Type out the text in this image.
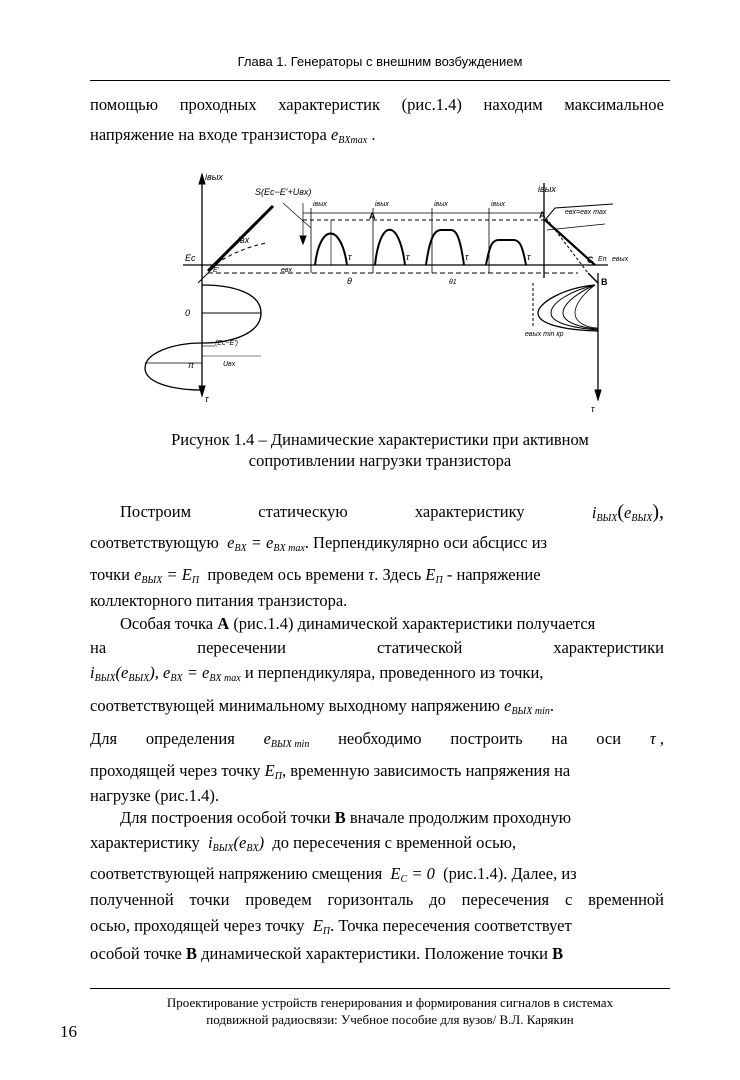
Глава 1. Генераторы с внешним возбуждением
помощью проходных характеристик (рис.1.4) находим максимальное
напряжение на входе транзистора $e_{BXmax}$ .
iвых
iвх
S(Ec−E′+Uвх)
Ec
E′	eвх
0
π
−(Ec−E′)
Uвх
τ
iвых	iвых	iвых	iвых
A
τ	τ	τ	τ
θ	θ1
iвых
A	eвх=eвх max
C Eп eвых
B
eвых min кр
τ
Рисунок 1.4 – Динамические характеристики при активном
сопротивлении нагрузки транзистора
Построим	статическую	характеристику	$i_{ВЫХ}(e_{ВЫХ})$,
соответствующую $e_{BX} = e_{BX max}$. Перпендикулярно оси абсцисс из
точки $e_{ВЫХ} = E_П$ проведем ось времени τ. Здесь $E_П$ - напряжение
коллекторного питания транзистора.
Особая точка A (рис.1.4) динамической характеристики получается
на	пересечении	статической	характеристики
$i_{ВЫХ}(e_{ВЫХ})$, $e_{BX} = e_{BX max}$ и перпендикуляра, проведенного из точки,
соответствующей минимальному выходному напряжению $e_{ВЫХ min}$.
Для определения $e_{ВЫХ min}$ необходимо построить на оси τ ,
проходящей через точку $E_П$, временную зависимость напряжения на
нагрузке (рис.1.4).
Для построения особой точки B вначале продолжим проходную
характеристику $i_{ВЫХ}(e_{BX})$ до пересечения с временной осью,
соответствующей напряжению смещения $E_C = 0$ (рис.1.4). Далее, из
полученной точки проведем горизонталь до пересечения с временной
осью, проходящей через точку $E_П$. Точка пересечения соответствует
особой точке B динамической характеристики. Положение точки B
Проектирование устройств генерирования и формирования сигналов в системах
подвижной радиосвязи: Учебное пособие для вузов/ В.Л. Карякин
16
